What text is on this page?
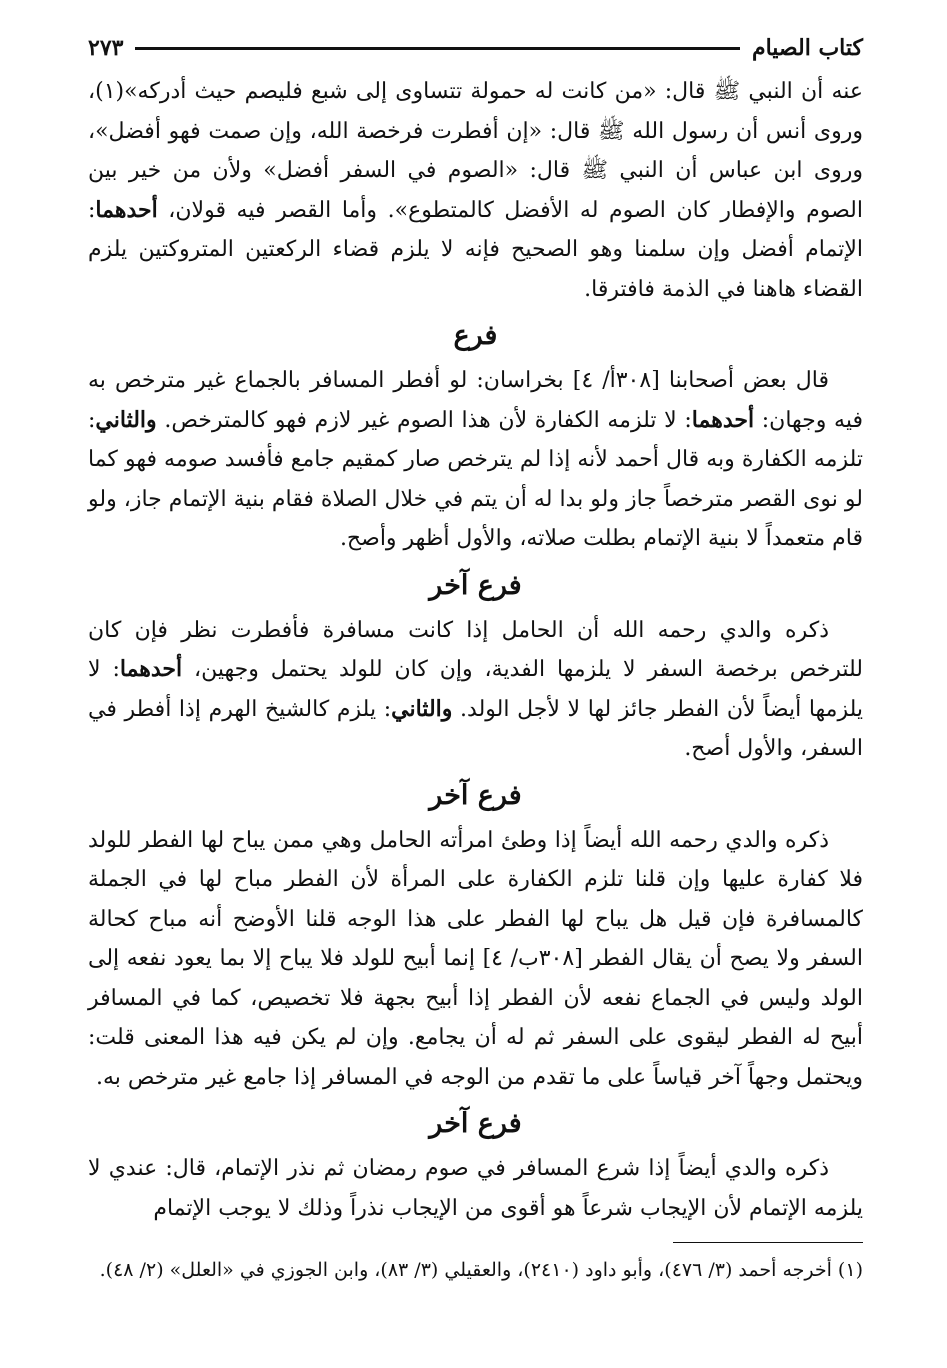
كتاب الصيام
٢٧٣

عنه أن النبي ﷺ قال: «من كانت له حمولة تتساوى إلى شبع فليصم حيث أدركه»(١)، وروى أنس أن رسول الله ﷺ قال: «إن أفطرت فرخصة الله، وإن صمت فهو أفضل»، وروى ابن عباس أن النبي ﷺ قال: «الصوم في السفر أفضل» ولأن من خير بين الصوم والإفطار كان الصوم له الأفضل كالمتطوع». وأما القصر فيه قولان، أحدهما: الإتمام أفضل وإن سلمنا وهو الصحيح فإنه لا يلزم قضاء الركعتين المتروكتين يلزم القضاء هاهنا في الذمة فافترقا.

فرع

قال بعض أصحابنا [٣٠٨أ/ ٤] بخراسان: لو أفطر المسافر بالجماع غير مترخص به فيه وجهان: أحدهما: لا تلزمه الكفارة لأن هذا الصوم غير لازم فهو كالمترخص. والثاني: تلزمه الكفارة وبه قال أحمد لأنه إذا لم يترخص صار كمقيم جامع فأفسد صومه فهو كما لو نوى القصر مترخصاً جاز ولو بدا له أن يتم في خلال الصلاة فقام بنية الإتمام جاز، ولو قام متعمداً لا بنية الإتمام بطلت صلاته، والأول أظهر وأصح.

فرع آخر

ذكره والدي رحمه الله أن الحامل إذا كانت مسافرة فأفطرت نظر فإن كان للترخص برخصة السفر لا يلزمها الفدية، وإن كان للولد يحتمل وجهين، أحدهما: لا يلزمها أيضاً لأن الفطر جائز لها لا لأجل الولد. والثاني: يلزم كالشيخ الهرم إذا أفطر في السفر، والأول أصح.

فرع آخر

ذكره والدي رحمه الله أيضاً إذا وطئ امرأته الحامل وهي ممن يباح لها الفطر للولد فلا كفارة عليها وإن قلنا تلزم الكفارة على المرأة لأن الفطر مباح لها في الجملة كالمسافرة فإن قيل هل يباح لها الفطر على هذا الوجه قلنا الأوضح أنه مباح كحالة السفر ولا يصح أن يقال الفطر [٣٠٨ب/ ٤] إنما أبيح للولد فلا يباح إلا بما يعود نفعه إلى الولد وليس في الجماع نفعه لأن الفطر إذا أبيح بجهة فلا تخصيص، كما في المسافر أبيح له الفطر ليقوى على السفر ثم له أن يجامع. وإن لم يكن فيه هذا المعنى قلت: ويحتمل وجهاً آخر قياساً على ما تقدم من الوجه في المسافر إذا جامع غير مترخص به.

فرع آخر

ذكره والدي أيضاً إذا شرع المسافر في صوم رمضان ثم نذر الإتمام، قال: عندي لا يلزمه الإتمام لأن الإيجاب شرعاً هو أقوى من الإيجاب نذراً وذلك لا يوجب الإتمام

(١) أخرجه أحمد (٣/ ٤٧٦)، وأبو داود (٢٤١٠)، والعقيلي (٣/ ٨٣)، وابن الجوزي في «العلل» (٢/ ٤٨).
